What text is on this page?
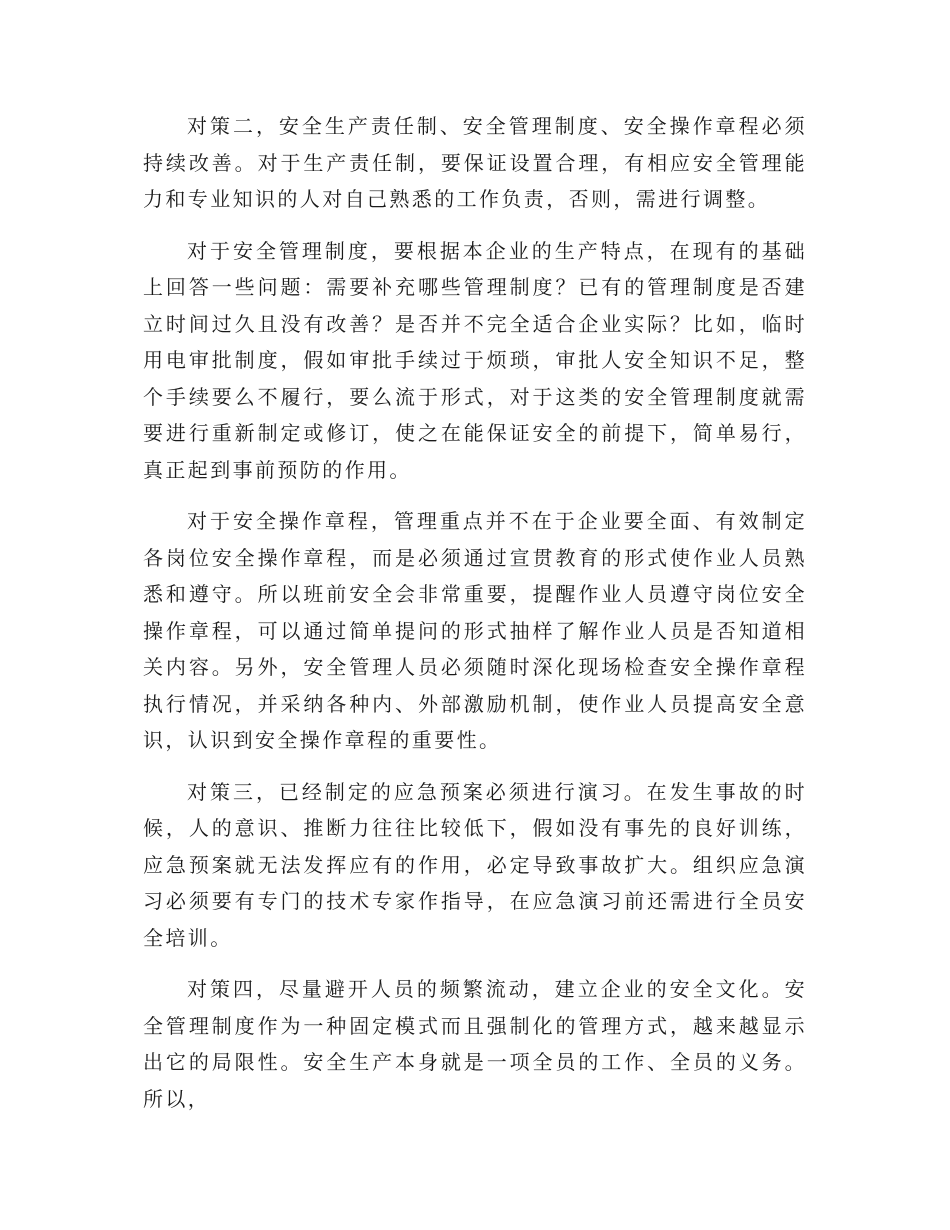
对策二，安全生产责任制、安全管理制度、安全操作章程必须持续改善。对于生产责任制，要保证设置合理，有相应安全管理能力和专业知识的人对自己熟悉的工作负责，否则，需进行调整。

对于安全管理制度，要根据本企业的生产特点，在现有的基础上回答一些问题：需要补充哪些管理制度？已有的管理制度是否建立时间过久且没有改善？是否并不完全适合企业实际？比如，临时用电审批制度，假如审批手续过于烦琐，审批人安全知识不足，整个手续要么不履行，要么流于形式，对于这类的安全管理制度就需要进行重新制定或修订，使之在能保证安全的前提下，简单易行，真正起到事前预防的作用。

对于安全操作章程，管理重点并不在于企业要全面、有效制定各岗位安全操作章程，而是必须通过宣贯教育的形式使作业人员熟悉和遵守。所以班前安全会非常重要，提醒作业人员遵守岗位安全操作章程，可以通过简单提问的形式抽样了解作业人员是否知道相关内容。另外，安全管理人员必须随时深化现场检查安全操作章程执行情况，并采纳各种内、外部激励机制，使作业人员提高安全意识，认识到安全操作章程的重要性。

对策三，已经制定的应急预案必须进行演习。在发生事故的时候，人的意识、推断力往往比较低下，假如没有事先的良好训练，应急预案就无法发挥应有的作用，必定导致事故扩大。组织应急演习必须要有专门的技术专家作指导，在应急演习前还需进行全员安全培训。

对策四，尽量避开人员的频繁流动，建立企业的安全文化。安全管理制度作为一种固定模式而且强制化的管理方式，越来越显示出它的局限性。安全生产本身就是一项全员的工作、全员的义务。所以，
